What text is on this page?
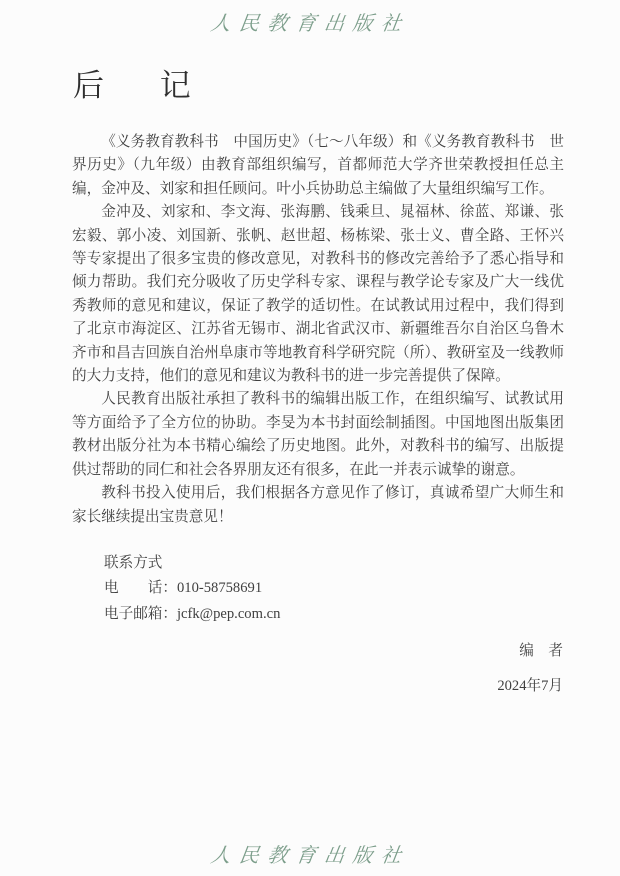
人民教育出版社
后　记

《义务教育教科书　中国历史》（七～八年级）和《义务教育教科书　世界历史》（九年级）由教育部组织编写，首都师范大学齐世荣教授担任总主编，金冲及、刘家和担任顾问。叶小兵协助总主编做了大量组织编写工作。

金冲及、刘家和、李文海、张海鹏、钱乘旦、晁福林、徐蓝、郑谦、张宏毅、郭小凌、刘国新、张帆、赵世超、杨栋梁、张士义、曹全路、王怀兴等专家提出了很多宝贵的修改意见，对教科书的修改完善给予了悉心指导和倾力帮助。我们充分吸收了历史学科专家、课程与教学论专家及广大一线优秀教师的意见和建议，保证了教学的适切性。在试教试用过程中，我们得到了北京市海淀区、江苏省无锡市、湖北省武汉市、新疆维吾尔自治区乌鲁木齐市和昌吉回族自治州阜康市等地教育科学研究院（所）、教研室及一线教师的大力支持，他们的意见和建议为教科书的进一步完善提供了保障。

人民教育出版社承担了教科书的编辑出版工作，在组织编写、试教试用等方面给予了全方位的协助。李旻为本书封面绘制插图。中国地图出版集团教材出版分社为本书精心编绘了历史地图。此外，对教科书的编写、出版提供过帮助的同仁和社会各界朋友还有很多，在此一并表示诚挚的谢意。

教科书投入使用后，我们根据各方意见作了修订，真诚希望广大师生和家长继续提出宝贵意见！

联系方式
电　　话：010-58758691
电子邮箱：jcfk@pep.com.cn
编　者
2024年7月
人民教育出版社
